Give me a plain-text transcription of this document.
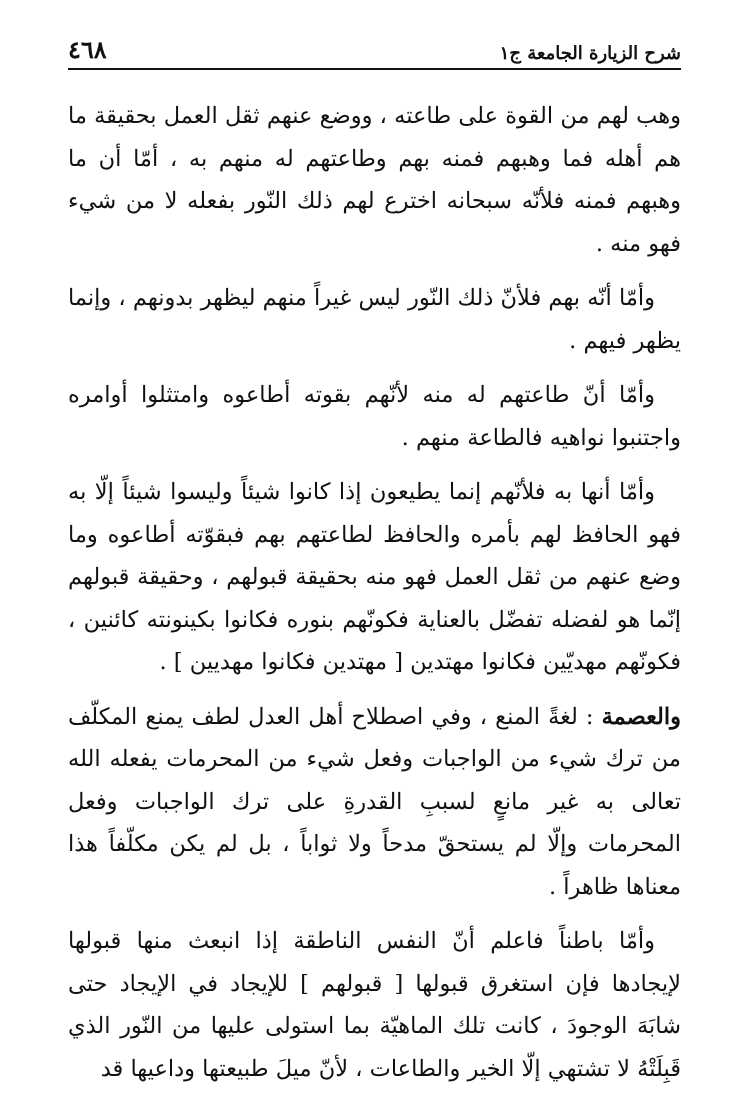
شرح الزيارة الجامعة ج١
٤٦٨

وهب لهم من القوة على طاعته ، ووضع عنهم ثقل العمل بحقيقة ما هم أهله فما وهبهم فمنه بهم وطاعتهم له منهم به ، أمّا أن ما وهبهم فمنه فلأنّه سبحانه اخترع لهم ذلك النّور بفعله لا من شيء فهو منه .

وأمّا أنّه بهم فلأنّ ذلك النّور ليس غيراً منهم ليظهر بدونهم ، وإنما يظهر فيهم .

وأمّا أنّ طاعتهم له منه لأنّهم بقوته أطاعوه وامتثلوا أوامره واجتنبوا نواهيه فالطاعة منهم .

وأمّا أنها به فلأنّهم إنما يطيعون إذا كانوا شيئاً وليسوا شيئاً إلّا به فهو الحافظ لهم بأمره والحافظ لطاعتهم بهم فبقوّته أطاعوه وما وضع عنهم من ثقل العمل فهو منه بحقيقة قبولهم ، وحقيقة قبولهم إنّما هو لفضله تفضّل بالعناية فكونّهم بنوره فكانوا بكينونته كائنين ، فكونّهم مهديّين فكانوا مهتدين [ مهتدين فكانوا مهديين ] .

والعصمة : لغةً المنع ، وفي اصطلاح أهل العدل لطف يمنع المكلّف من ترك شيء من الواجبات وفعل شيء من المحرمات يفعله الله تعالى به غير مانعٍ لسببِ القدرةِ على ترك الواجبات وفعل المحرمات وإلّا لم يستحقّ مدحاً ولا ثواباً ، بل لم يكن مكلّفاً هذا معناها ظاهراً .

وأمّا باطناً فاعلم أنّ النفس الناطقة إذا انبعث منها قبولها لإيجادها فإن استغرق قبولها [ قبولهم ] للإيجاد في الإيجاد حتى شابَهَ الوجودَ ، كانت تلك الماهيّة بما استولى عليها من النّور الذي قَبِلَتْهُ لا تشتهي إلّا الخير والطاعات ، لأنّ ميلَ طبيعتها وداعيها قد
